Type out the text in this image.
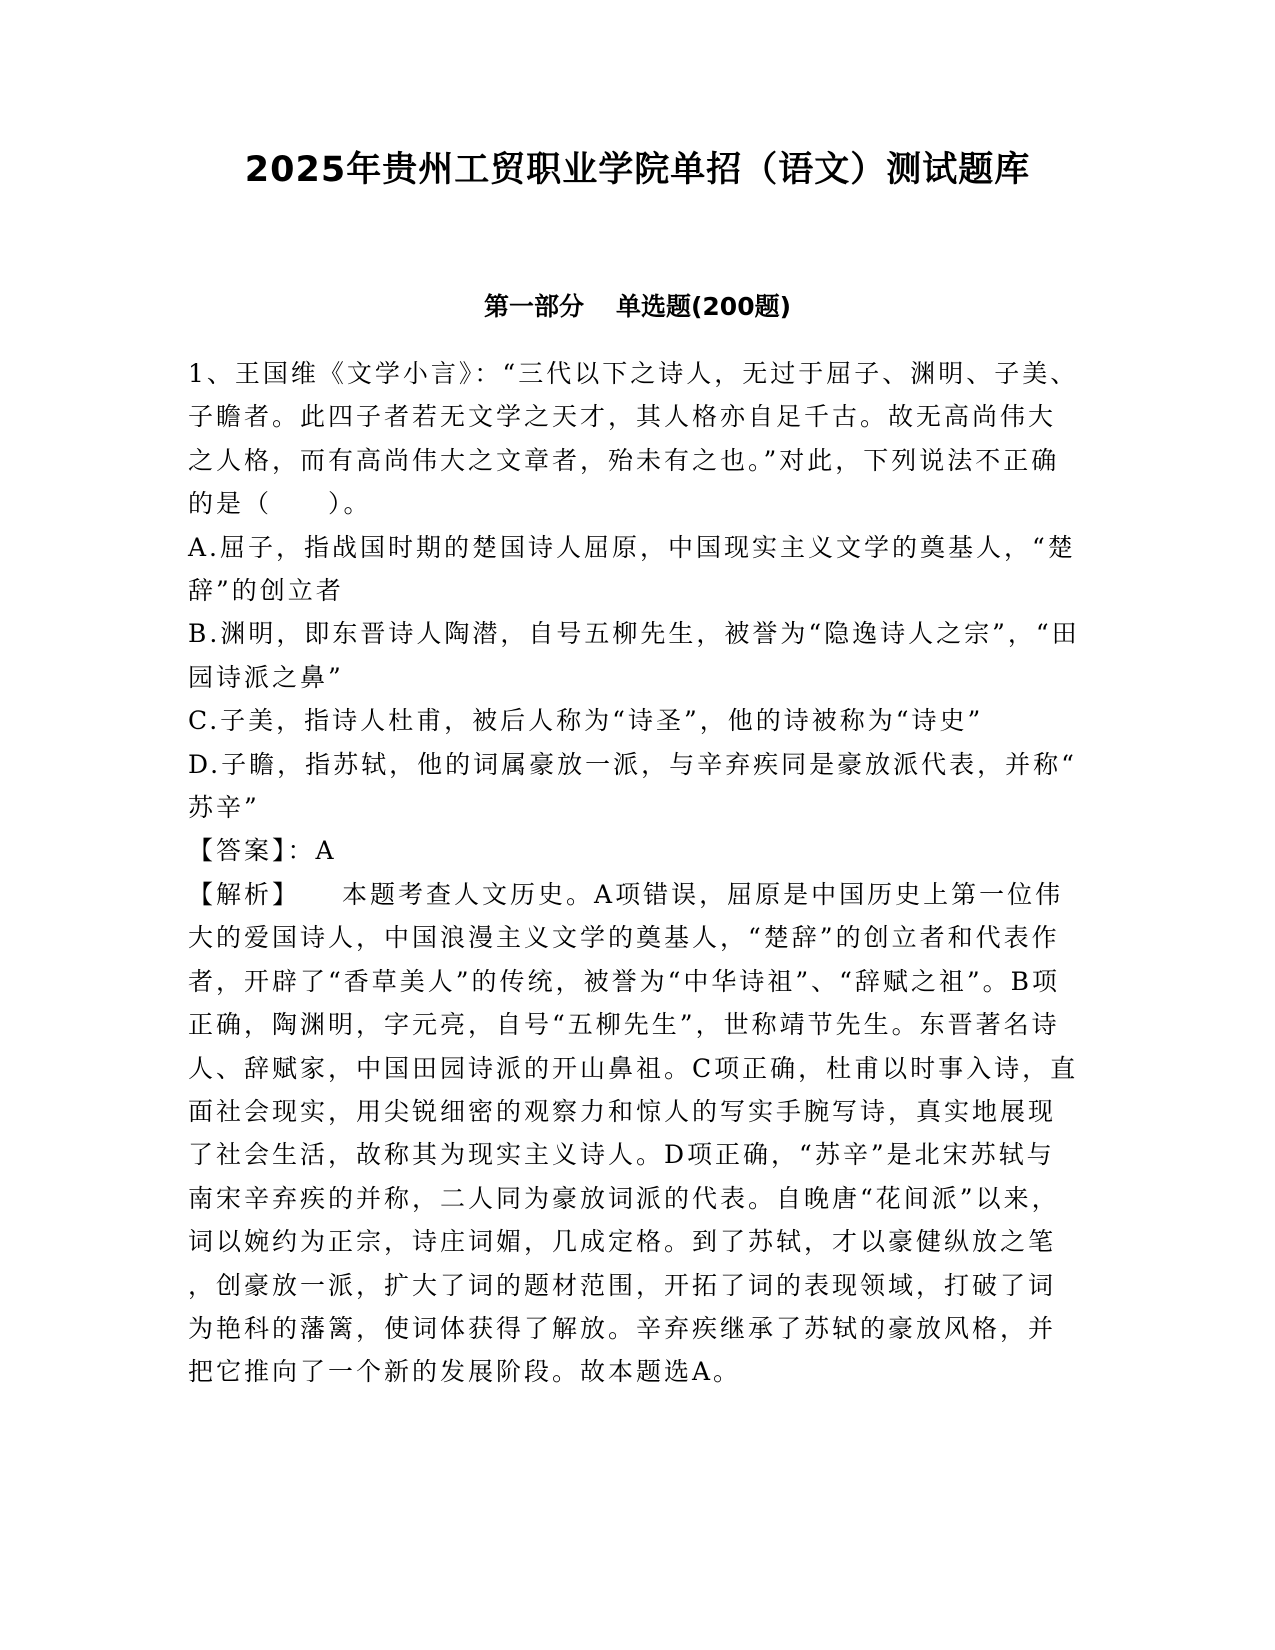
2025年贵州工贸职业学院单招（语文）测试题库
第一部分 单选题(200题)

1、王国维《文学小言》：“三代以下之诗人，无过于屈子、渊明、子美、子瞻者。此四子者若无文学之天才，其人格亦自足千古。故无高尚伟大之人格，而有高尚伟大之文章者，殆未有之也。”对此，下列说法不正确的是（　　）。

A.屈子，指战国时期的楚国诗人屈原，中国现实主义文学的奠基人，“楚辞”的创立者

B.渊明，即东晋诗人陶潜，自号五柳先生，被誉为“隐逸诗人之宗”，“田园诗派之鼻”

C.子美，指诗人杜甫，被后人称为“诗圣”，他的诗被称为“诗史”

D.子瞻，指苏轼，他的词属豪放一派，与辛弃疾同是豪放派代表，并称“苏辛”

【答案】：A

【解析】 本题考查人文历史。A项错误，屈原是中国历史上第一位伟大的爱国诗人，中国浪漫主义文学的奠基人，“楚辞”的创立者和代表作者，开辟了“香草美人”的传统，被誉为“中华诗祖”、“辞赋之祖”。B项正确，陶渊明，字元亮，自号“五柳先生”，世称靖节先生。东晋著名诗人、辞赋家，中国田园诗派的开山鼻祖。C项正确，杜甫以时事入诗，直面社会现实，用尖锐细密的观察力和惊人的写实手腕写诗，真实地展现了社会生活，故称其为现实主义诗人。D项正确，“苏辛”是北宋苏轼与南宋辛弃疾的并称，二人同为豪放词派的代表。自晚唐“花间派”以来，词以婉约为正宗，诗庄词媚，几成定格。到了苏轼，才以豪健纵放之笔，创豪放一派，扩大了词的题材范围，开拓了词的表现领域，打破了词为艳科的藩篱，使词体获得了解放。辛弃疾继承了苏轼的豪放风格，并把它推向了一个新的发展阶段。故本题选A。
